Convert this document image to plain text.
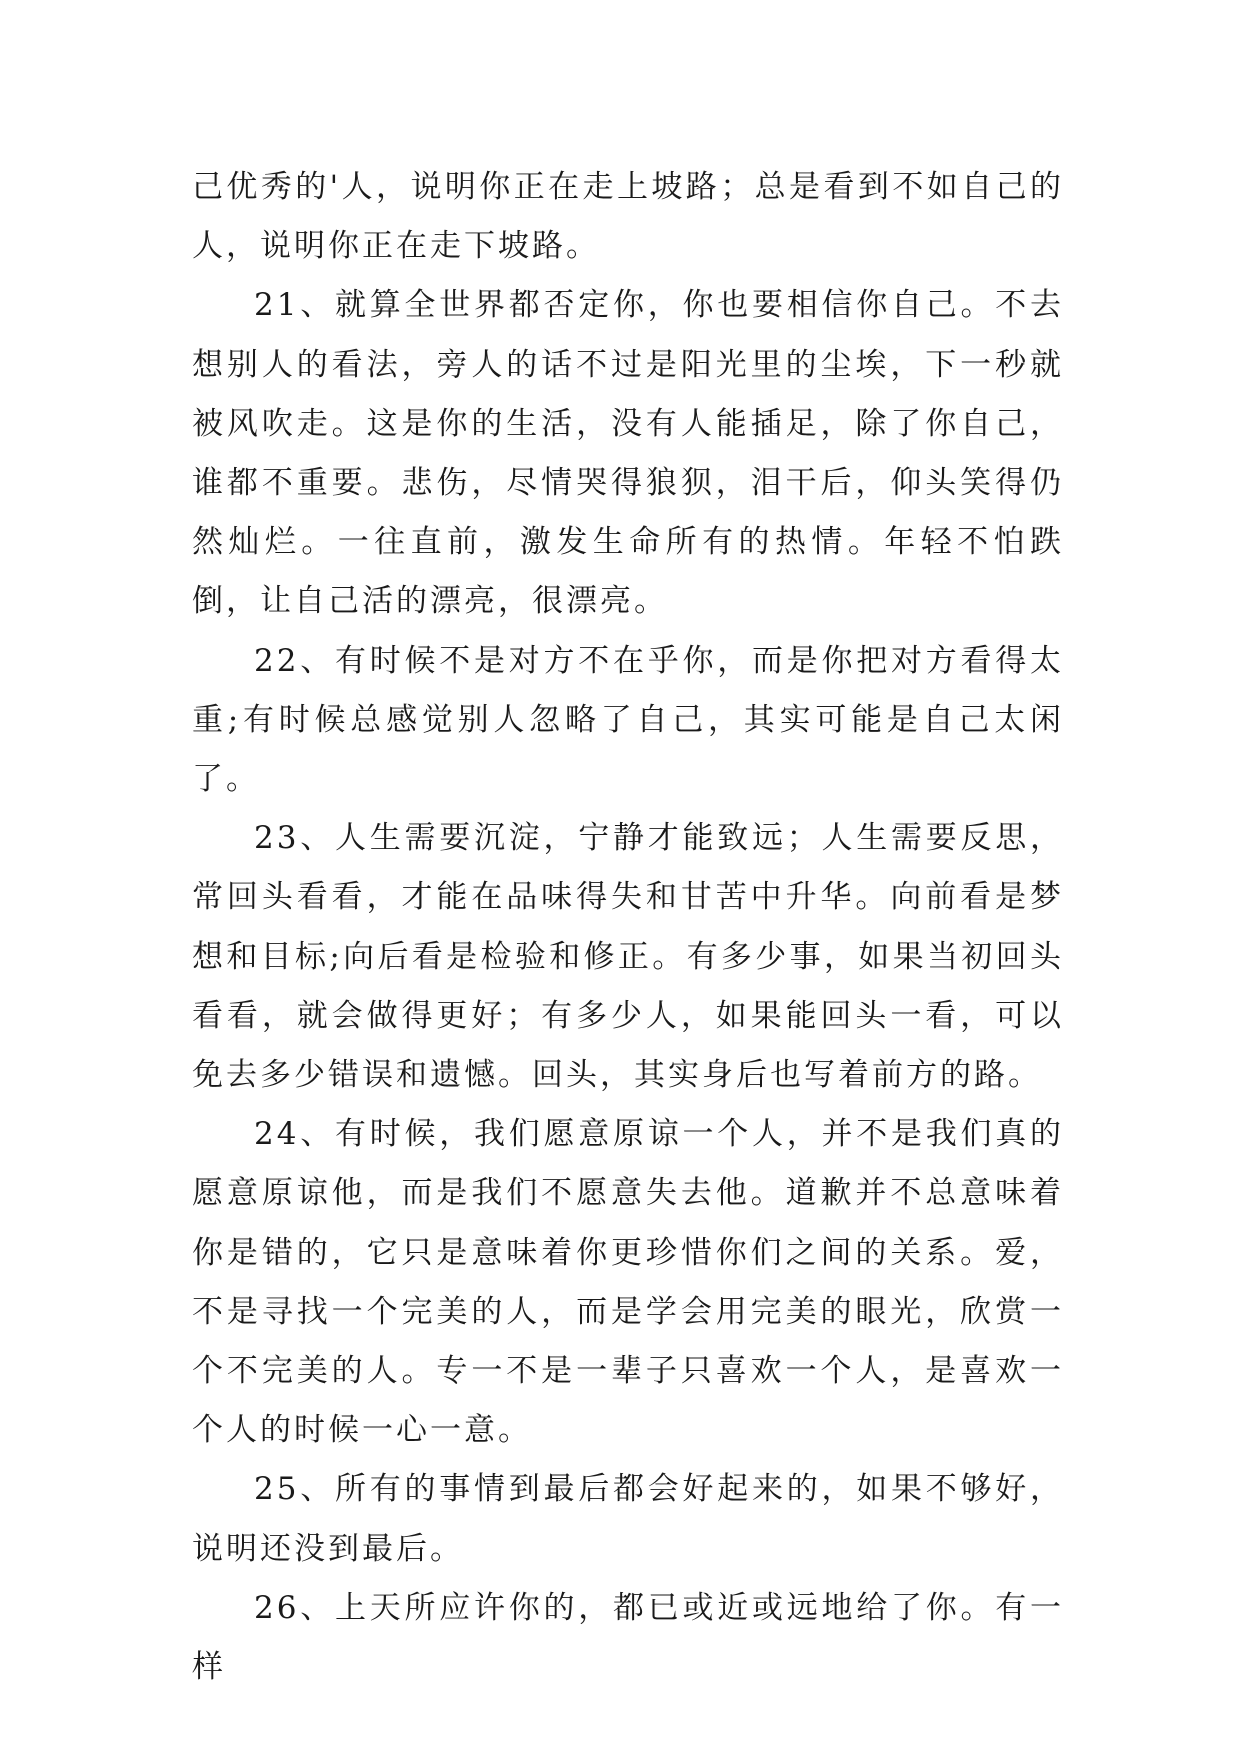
己优秀的'人，说明你正在走上坡路；总是看到不如自己的人，说明你正在走下坡路。

21、就算全世界都否定你，你也要相信你自己。不去想别人的看法，旁人的话不过是阳光里的尘埃，下一秒就被风吹走。这是你的生活，没有人能插足，除了你自己，谁都不重要。悲伤，尽情哭得狼狈，泪干后，仰头笑得仍然灿烂。一往直前，激发生命所有的热情。年轻不怕跌倒，让自己活的漂亮，很漂亮。

22、有时候不是对方不在乎你，而是你把对方看得太重;有时候总感觉别人忽略了自己，其实可能是自己太闲了。

23、人生需要沉淀，宁静才能致远；人生需要反思，常回头看看，才能在品味得失和甘苦中升华。向前看是梦想和目标;向后看是检验和修正。有多少事，如果当初回头看看，就会做得更好；有多少人，如果能回头一看，可以免去多少错误和遗憾。回头，其实身后也写着前方的路。

24、有时候，我们愿意原谅一个人，并不是我们真的愿意原谅他，而是我们不愿意失去他。道歉并不总意味着你是错的，它只是意味着你更珍惜你们之间的关系。爱，不是寻找一个完美的人，而是学会用完美的眼光，欣赏一个不完美的人。专一不是一辈子只喜欢一个人，是喜欢一个人的时候一心一意。

25、所有的事情到最后都会好起来的，如果不够好，说明还没到最后。

26、上天所应许你的，都已或近或远地给了你。有一样
